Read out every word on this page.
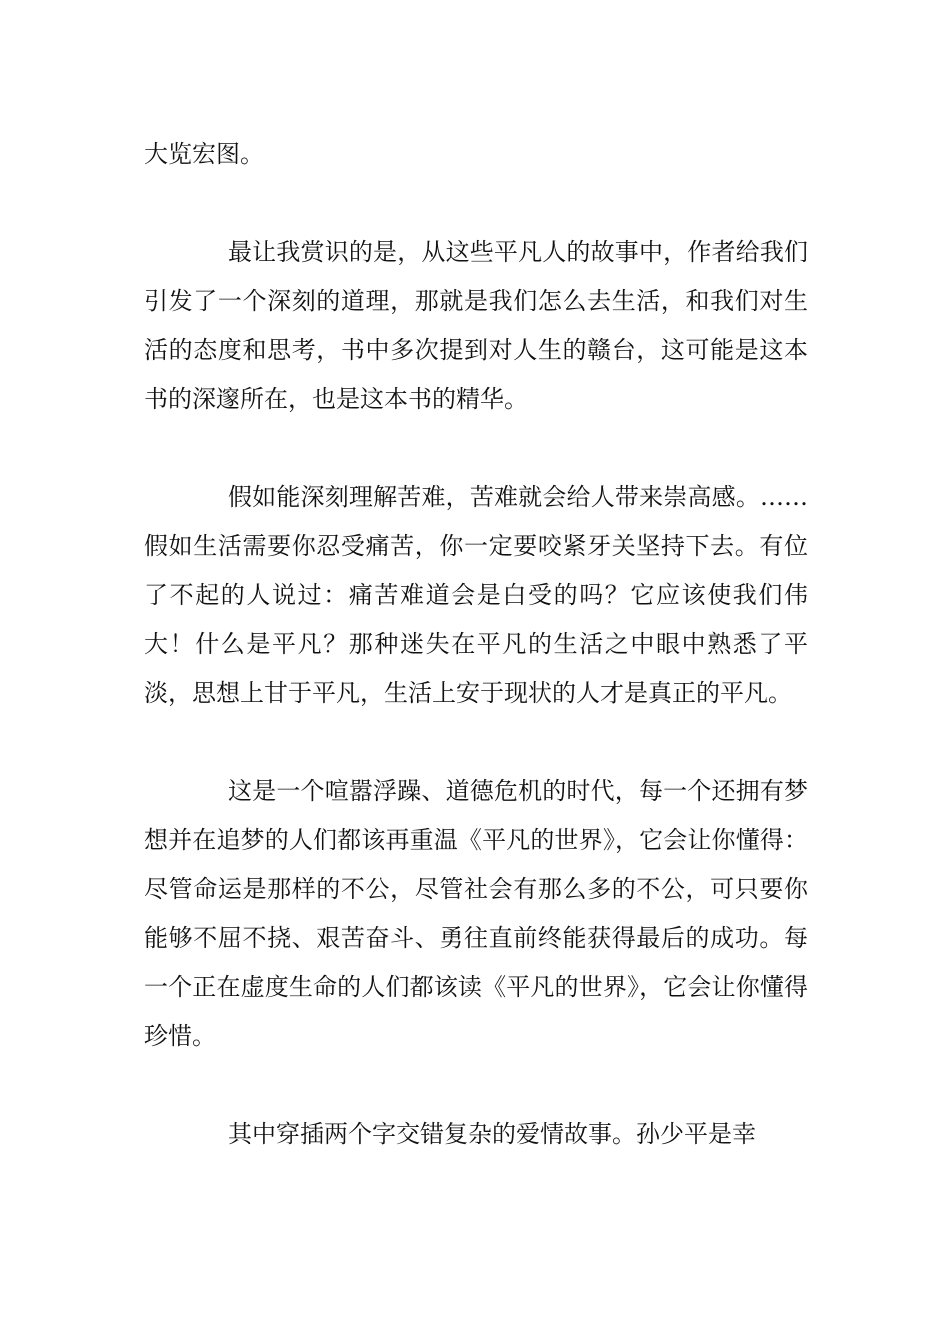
大览宏图。

最让我赏识的是，从这些平凡人的故事中，作者给我们引发了一个深刻的道理，那就是我们怎么去生活，和我们对生活的态度和思考，书中多次提到对人生的赣台，这可能是这本书的深邃所在，也是这本书的精华。

假如能深刻理解苦难，苦难就会给人带来崇高感。……假如生活需要你忍受痛苦，你一定要咬紧牙关坚持下去。有位了不起的人说过：痛苦难道会是白受的吗？它应该使我们伟大！什么是平凡？那种迷失在平凡的生活之中眼中熟悉了平淡，思想上甘于平凡，生活上安于现状的人才是真正的平凡。

这是一个喧嚣浮躁、道德危机的时代，每一个还拥有梦想并在追梦的人们都该再重温《平凡的世界》，它会让你懂得：尽管命运是那样的不公，尽管社会有那么多的不公，可只要你能够不屈不挠、艰苦奋斗、勇往直前终能获得最后的成功。每一个正在虚度生命的人们都该读《平凡的世界》，它会让你懂得珍惜。

其中穿插两个字交错复杂的爱情故事。孙少平是幸
